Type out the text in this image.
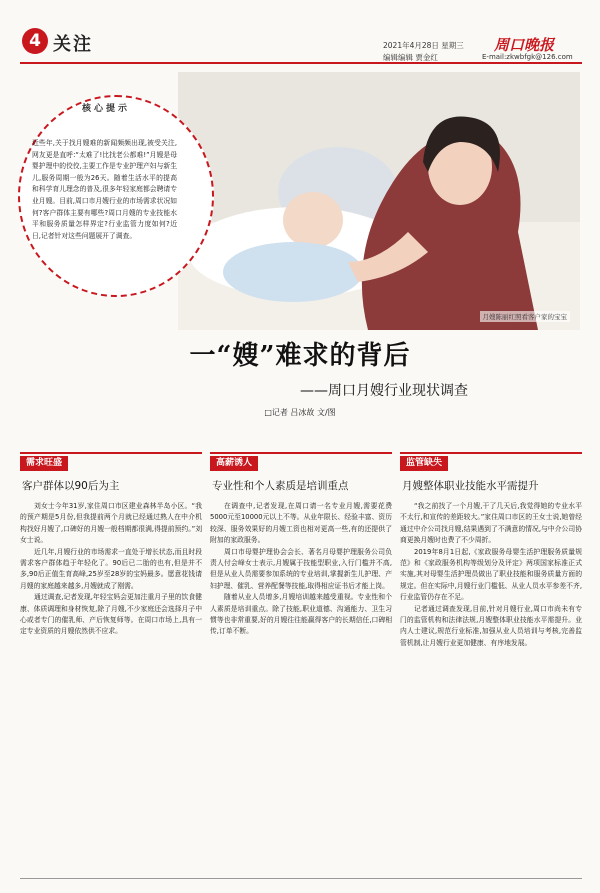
4 关注	2021年4月28日 星期三
编辑编辑 贾金红
周口晚报
E-mail:zkwbfgk@126.com
月嫂陈丽红照看客户家的宝宝
核心提示
近些年,关于找月嫂难的新闻频频出现,被受关注,网友更是直呼:“太难了!比找老公都难!”月嫂是母婴护理中的佼佼,主要工作是专业护理产妇与新生儿,服务周期一般为26天。随着生活水平的提高和科学育儿理念的普及,很多年轻家庭都会聘请专业月嫂。目前,周口市月嫂行业的市场需求状况如何?客户群体主要有哪些?周口月嫂的专业技能水平和服务质量怎样界定?行业监管力度如何?近日,记者针对这些问题展开了调查。
一“嫂”难求的背后
——周口月嫂行业现状调查
□记者 吕冰故 文/图
需求旺盛
客户群体以90后为主

刘女士今年31岁,家住周口市区建业森林半岛小区。“我的预产期是5月份,但我提前两个月就已经通过熟人在中介机构找好月嫂了,口碑好的月嫂一般档期都很满,得提前预约。”刘女士说。

近几年,月嫂行业的市场需求一直处于增长状态,而且时段需求客户群体趋于年轻化了。90后已二胎的也有,但是并不多,90后正值生育高峰,25岁至28岁的宝妈最多。愿意花钱请月嫂的家庭越来越多,月嫂就成了刚需。

通过调查,记者发现,年轻宝妈会更加注重月子里的饮食健康、体质调理和身材恢复,除了月嫂,不少家庭还会选择月子中心或者专门的催乳师、产后恢复师等。在周口市场上,具有一定专业资质的月嫂依然供不应求。

高薪诱人
专业性和个人素质是培训重点

在调查中,记者发现,在周口请一名专业月嫂,需要花费5000元至10000元以上不等。从业年限长、经验丰富、资历较深、服务效果好的月嫂工资也相对更高一些,有的还提供了附加的家政服务。

周口市母婴护理协会会长、著名月母婴护理服务公司负责人付会峰女士表示,月嫂属于技能型职业,入行门槛并不高,但是从业人员需要参加系统的专业培训,掌握新生儿护理、产妇护理、催乳、营养配餐等技能,取得相应证书后才能上岗。

随着从业人员增多,月嫂培训越来越受重视。专业性和个人素质是培训重点。除了技能,职业道德、沟通能力、卫生习惯等也非常重要,好的月嫂往往能赢得客户的长期信任,口碑相传,订单不断。

监管缺失
月嫂整体职业技能水平需提升

“我之前找了一个月嫂,干了几天后,我觉得她的专业水平不太行,和宣传的差距较大。”家住周口市区的王女士说,她曾经通过中介公司找月嫂,结果遇到了不满意的情况,与中介公司协商更换月嫂时也费了不少周折。

2019年8月1日起,《家政服务母婴生活护理服务质量规范》和《家政服务机构等级划分及评定》两项国家标准正式实施,其对母婴生活护理员做出了职业技能和服务质量方面的规定。但在实际中,月嫂行业门槛低、从业人员水平参差不齐,行业监管仍存在不足。

记者通过调查发现,目前,针对月嫂行业,周口市尚未有专门的监管机构和法律法规,月嫂整体职业技能水平需提升。业内人士建议,规范行业标准,加强从业人员培训与考核,完善监管机制,让月嫂行业更加健康、有序地发展。
